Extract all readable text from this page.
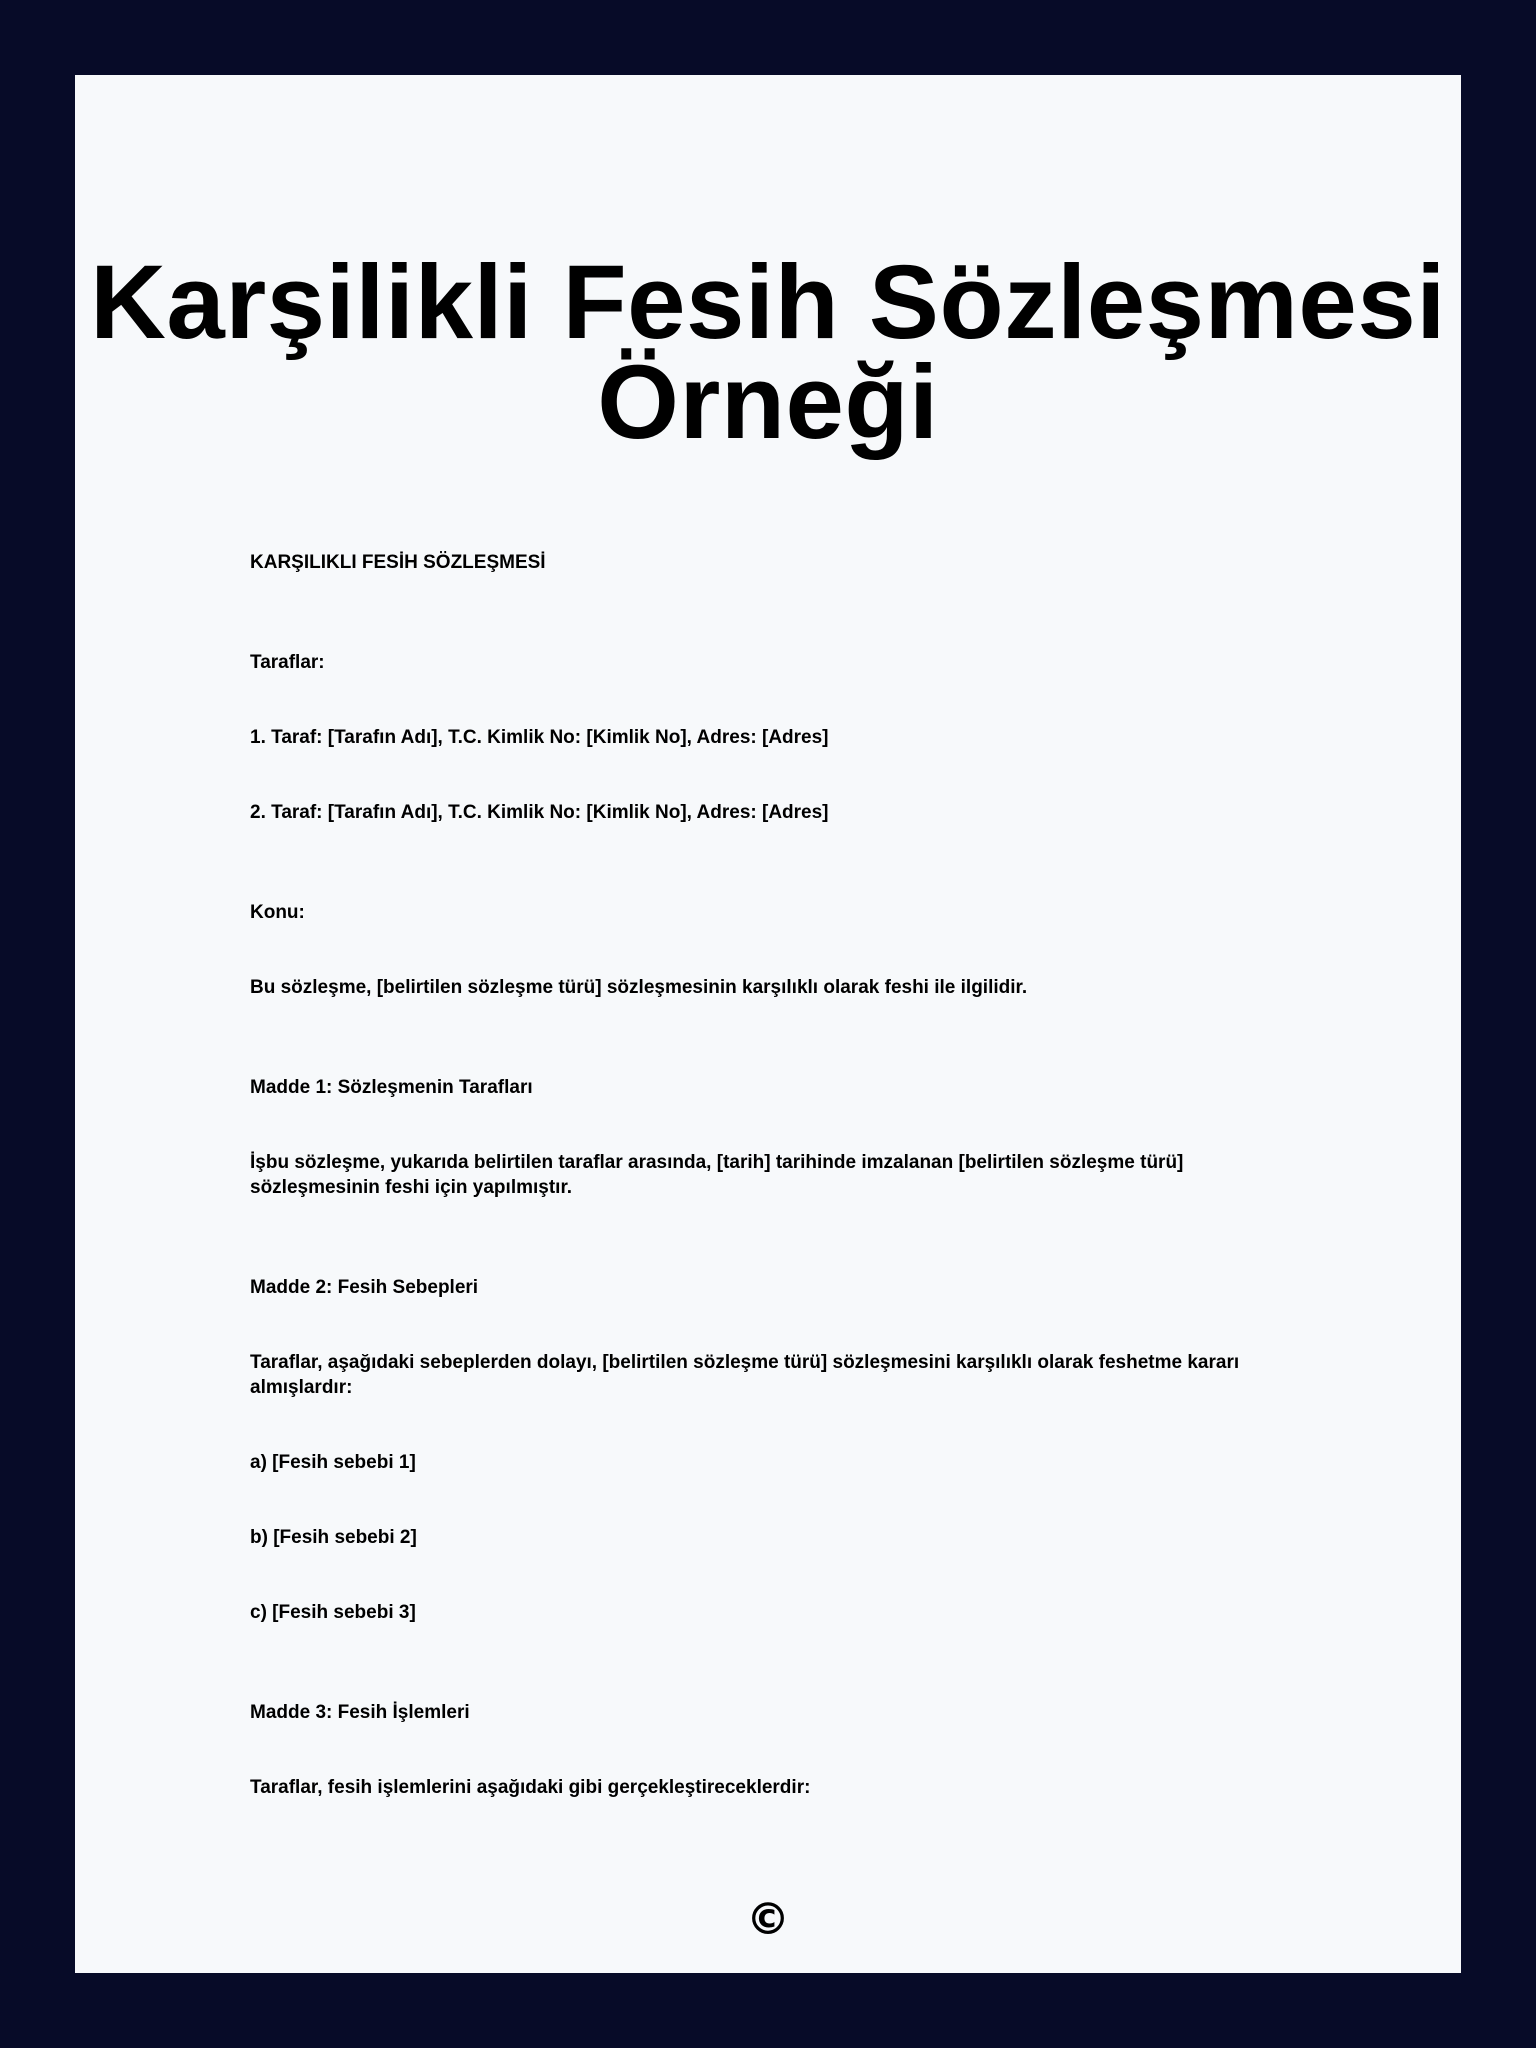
Karşilikli Fesih Sözleşmesi Örneği

KARŞILIKLI FESİH SÖZLEŞMESİ

Taraflar:

1. Taraf: [Tarafın Adı], T.C. Kimlik No: [Kimlik No], Adres: [Adres]

2. Taraf: [Tarafın Adı], T.C. Kimlik No: [Kimlik No], Adres: [Adres]

Konu:

Bu sözleşme, [belirtilen sözleşme türü] sözleşmesinin karşılıklı olarak feshi ile ilgilidir.

Madde 1: Sözleşmenin Tarafları

İşbu sözleşme, yukarıda belirtilen taraflar arasında, [tarih] tarihinde imzalanan [belirtilen sözleşme türü] sözleşmesinin feshi için yapılmıştır.

Madde 2: Fesih Sebepleri

Taraflar, aşağıdaki sebeplerden dolayı, [belirtilen sözleşme türü] sözleşmesini karşılıklı olarak feshetme kararı almışlardır:

a) [Fesih sebebi 1]

b) [Fesih sebebi 2]

c) [Fesih sebebi 3]

Madde 3: Fesih İşlemleri

Taraflar, fesih işlemlerini aşağıdaki gibi gerçekleştireceklerdir:

©
